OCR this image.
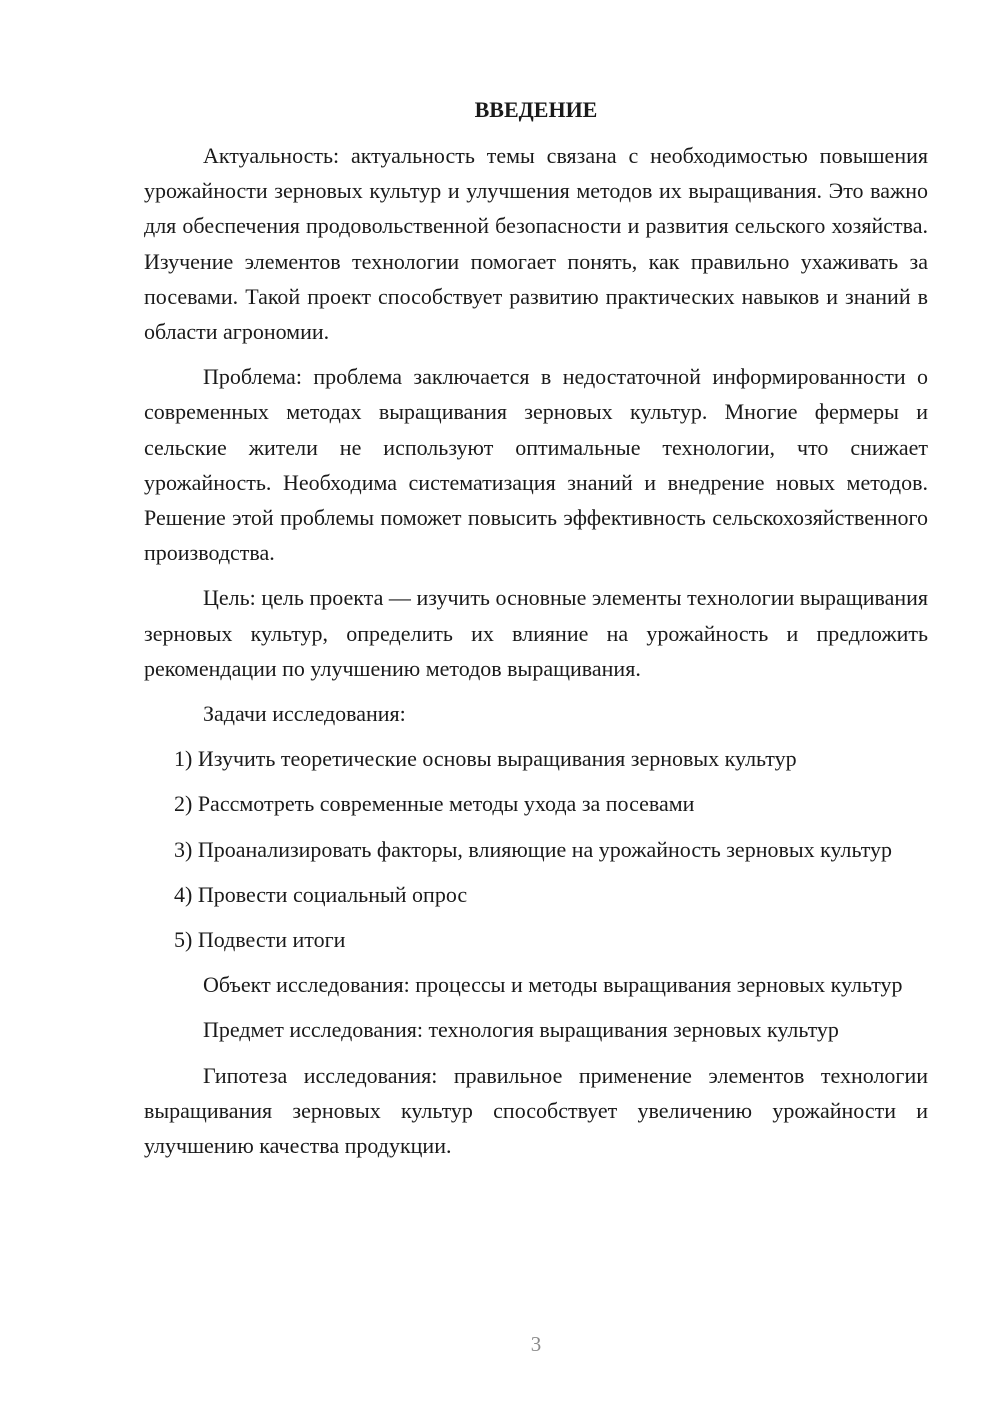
ВВЕДЕНИЕ

Актуальность: актуальность темы связана с необходимостью повышения урожайности зерновых культур и улучшения методов их выращивания. Это важно для обеспечения продовольственной безопасности и развития сельского хозяйства. Изучение элементов технологии помогает понять, как правильно ухаживать за посевами. Такой проект способствует развитию практических навыков и знаний в области агрономии.

Проблема: проблема заключается в недостаточной информированности о современных методах выращивания зерновых культур. Многие фермеры и сельские жители не используют оптимальные технологии, что снижает урожайность. Необходима систематизация знаний и внедрение новых методов. Решение этой проблемы поможет повысить эффективность сельскохозяйственного производства.

Цель: цель проекта — изучить основные элементы технологии выращивания зерновых культур, определить их влияние на урожайность и предложить рекомендации по улучшению методов выращивания.

Задачи исследования:

1) Изучить теоретические основы выращивания зерновых культур

2) Рассмотреть современные методы ухода за посевами

3) Проанализировать факторы, влияющие на урожайность зерновых культур

4) Провести социальный опрос

5) Подвести итоги

Объект исследования: процессы и методы выращивания зерновых культур

Предмет исследования: технология выращивания зерновых культур

Гипотеза исследования: правильное применение элементов технологии выращивания зерновых культур способствует увеличению урожайности и улучшению качества продукции.

3
